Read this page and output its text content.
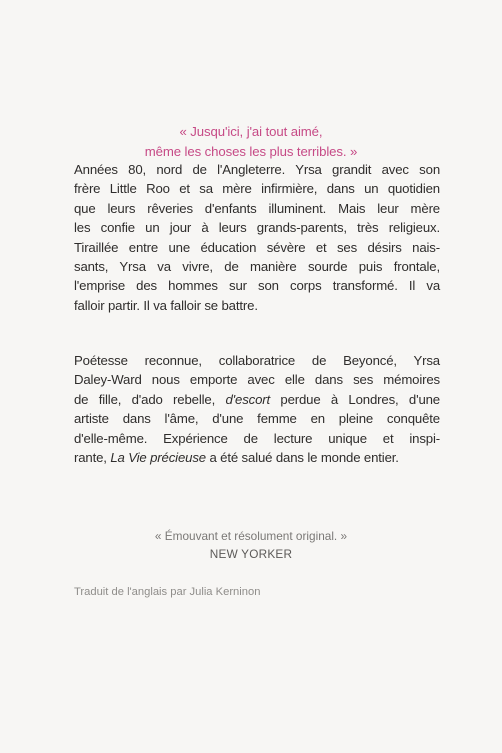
« Jusqu'ici, j'ai tout aimé,
même les choses les plus terribles. »
Années 80, nord de l'Angleterre. Yrsa grandit avec son
frère Little Roo et sa mère infirmière, dans un quotidien
que leurs rêveries d'enfants illuminent. Mais leur mère
les confie un jour à leurs grands-parents, très religieux.
Tiraillée entre une éducation sévère et ses désirs nais-
sants, Yrsa va vivre, de manière sourde puis frontale,
l'emprise des hommes sur son corps transformé. Il va
falloir partir. Il va falloir se battre.
Poétesse reconnue, collaboratrice de Beyoncé, Yrsa
Daley-Ward nous emporte avec elle dans ses mémoires
de fille, d'ado rebelle, d'escort perdue à Londres, d'une
artiste dans l'âme, d'une femme en pleine conquête
d'elle-même. Expérience de lecture unique et inspi-
rante, La Vie précieuse a été salué dans le monde entier.
« Émouvant et résolument original. »
NEW YORKER
Traduit de l'anglais par Julia Kerninon
